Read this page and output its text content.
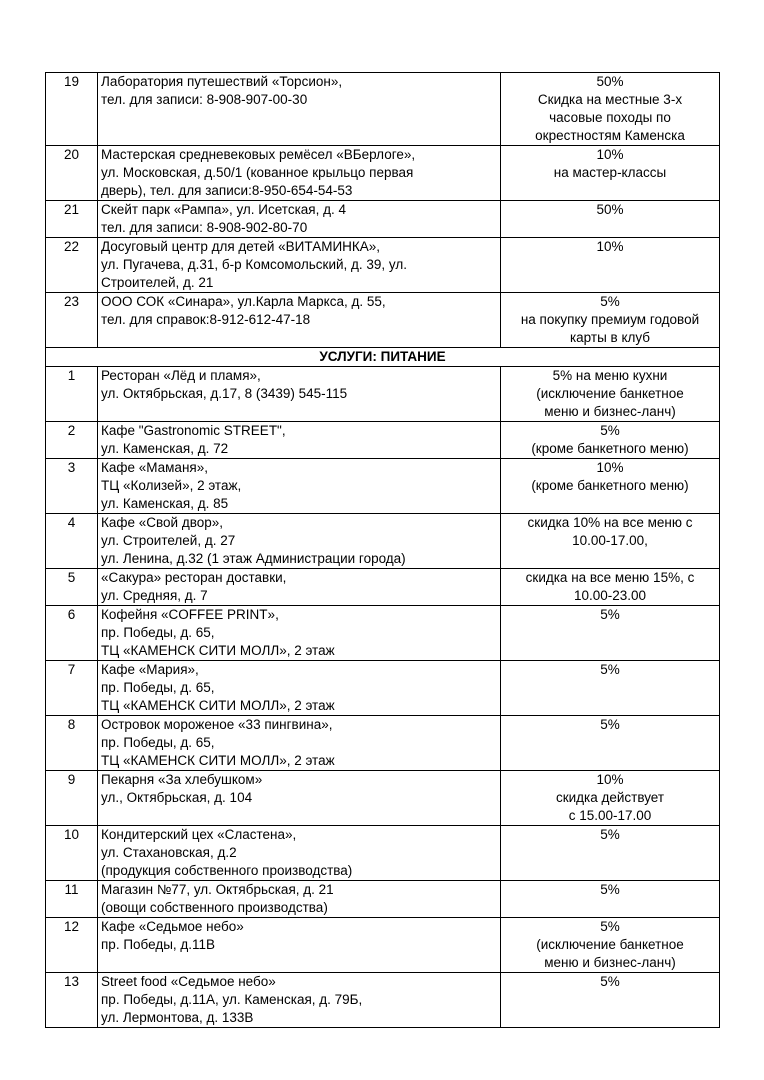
19	Лаборатория путешествий «Торсион»,
тел. для записи: 8-908-907-00-30	50%
Скидка на местные 3-х
часовые походы по
окрестностям Каменска

20	Мастерская средневековых ремёсел «ВБерлоге»,
ул. Московская, д.50/1 (кованное крыльцо первая
дверь), тел. для записи:8-950-654-54-53	10%
на мастер-классы

21	Скейт парк «Рампа», ул. Исетская, д. 4
тел. для записи: 8-908-902-80-70	50%

22	Досуговый центр для детей «ВИТАМИНКА»,
ул. Пугачева, д.31, б-р Комсомольский, д. 39, ул.
Строителей, д. 21	10%

23	ООО СОК «Синара», ул.Карла Маркса, д. 55,
тел. для справок:8-912-612-47-18	5%
на покупку премиум годовой
карты в клуб

УСЛУГИ: ПИТАНИЕ		
1	Ресторан «Лёд и пламя»,
ул. Октябрьская, д.17, 8 (3439) 545-115	5% на меню кухни
(исключение банкетное
меню и бизнес-ланч)

2	Кафе "Gastronomic STREET",
ул. Каменская, д. 72	5%
(кроме банкетного меню)

3	Кафе «Маманя»,
ТЦ «Колизей», 2 этаж,
ул. Каменская, д. 85	10%
(кроме банкетного меню)

4	Кафе «Свой двор»,
ул. Строителей, д. 27
ул. Ленина, д.32 (1 этаж Администрации города)	скидка 10% на все меню с
10.00-17.00,

5	«Сакура» ресторан доставки,
ул. Средняя, д. 7	скидка на все меню 15%, с
10.00-23.00

6	Кофейня «COFFEE PRINT»,
пр. Победы, д. 65,
ТЦ «КАМЕНСК СИТИ МОЛЛ», 2 этаж	5%

7	Кафе «Мария»,
пр. Победы, д. 65,
ТЦ «КАМЕНСК СИТИ МОЛЛ», 2 этаж	5%

8	Островок мороженое «33 пингвина»,
пр. Победы, д. 65,
ТЦ «КАМЕНСК СИТИ МОЛЛ», 2 этаж	5%

9	Пекарня «За хлебушком»
ул., Октябрьская, д. 104	10%
скидка действует
с 15.00-17.00

10	Кондитерский цех «Сластена»,
ул. Стахановская, д.2
(продукция собственного производства)	5%

11	Магазин №77, ул. Октябрьская, д. 21
(овощи собственного производства)	5%

12	Кафе «Седьмое небо»
пр. Победы, д.11В	5%
(исключение банкетное
меню и бизнес-ланч)

13	Street food «Седьмое небо»
пр. Победы, д.11А, ул. Каменская, д. 79Б,
ул. Лермонтова, д. 133В	5%
